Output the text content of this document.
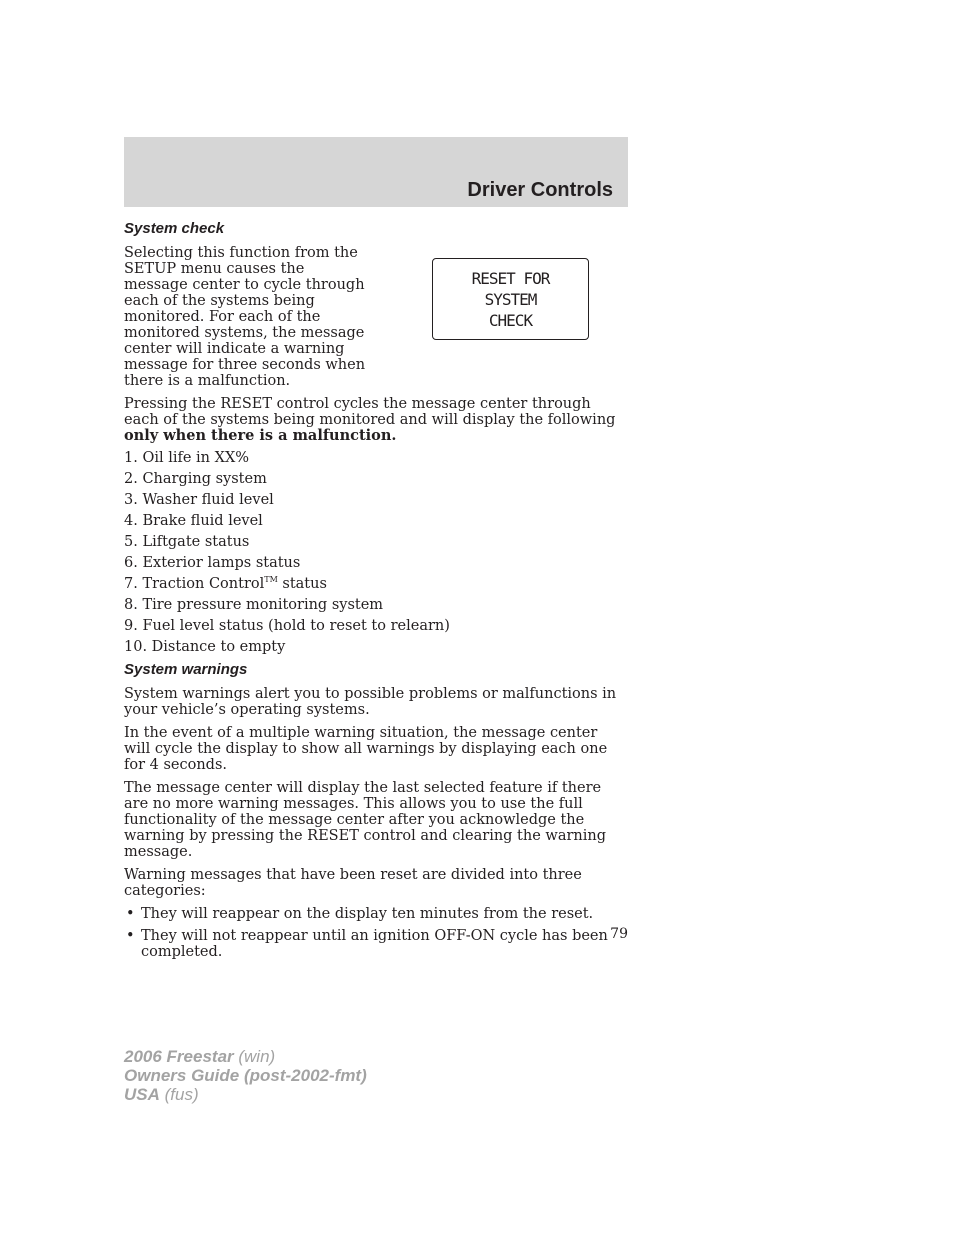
Driver Controls
System check

Selecting this function from the SETUP menu causes the message center to cycle through each of the systems being monitored. For each of the monitored systems, the message center will indicate a warning message for three seconds when there is a malfunction.

RESET FOR
SYSTEM
CHECK

Pressing the RESET control cycles the message center through each of the systems being monitored and will display the following only when there is a malfunction.

1. Oil life in XX%
2. Charging system
3. Washer fluid level
4. Brake fluid level
5. Liftgate status
6. Exterior lamps status
7. Traction Control™ status
8. Tire pressure monitoring system
9. Fuel level status (hold to reset to relearn)
10. Distance to empty
System warnings

System warnings alert you to possible problems or malfunctions in your vehicle’s operating systems.

In the event of a multiple warning situation, the message center will cycle the display to show all warnings by displaying each one for 4 seconds.

The message center will display the last selected feature if there are no more warning messages. This allows you to use the full functionality of the message center after you acknowledge the warning by pressing the RESET control and clearing the warning message.

Warning messages that have been reset are divided into three categories:

• They will reappear on the display ten minutes from the reset.
• They will not reappear until an ignition OFF-ON cycle has been completed.
79
2006 Freestar (win)
Owners Guide (post-2002-fmt)
USA (fus)
